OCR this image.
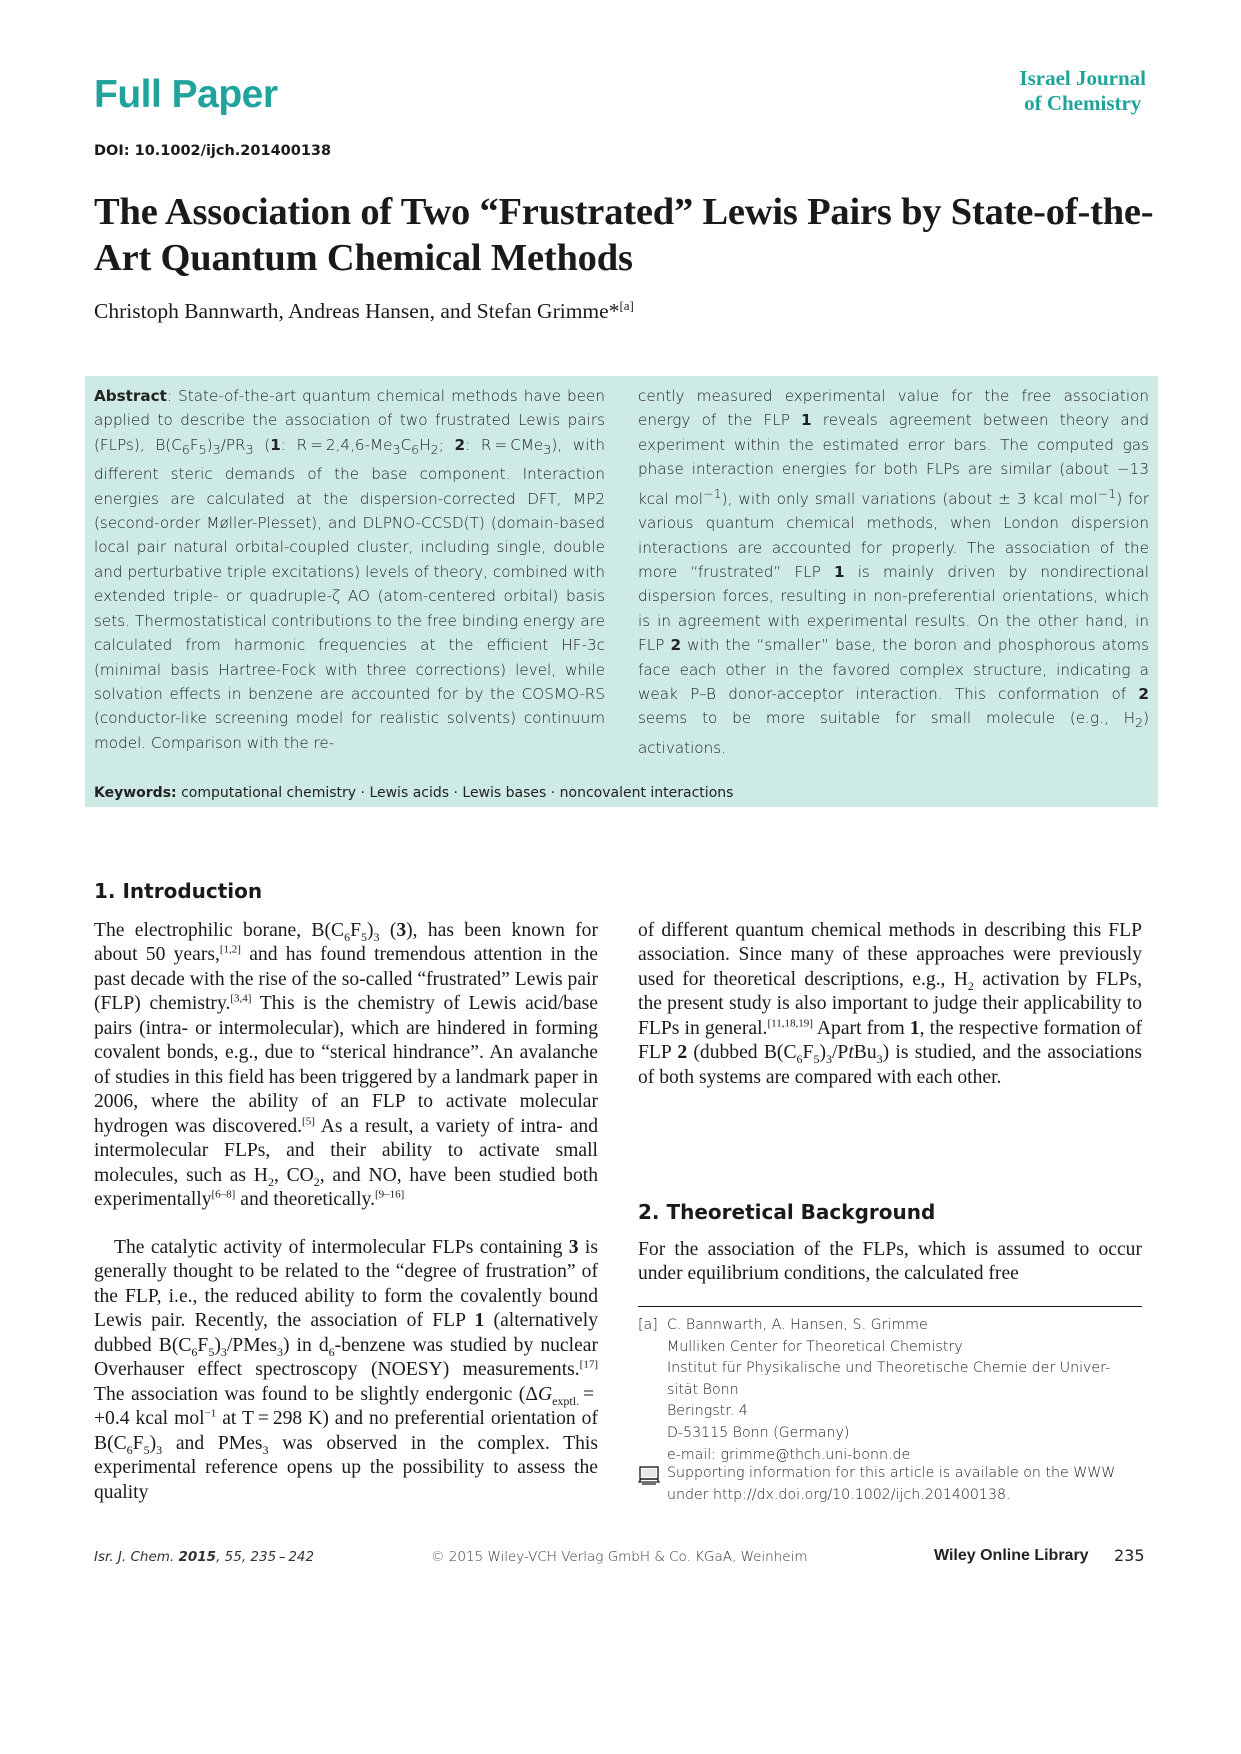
Full Paper	Israel Journal
of Chemistry
DOI: 10.1002/ijch.201400138
The Association of Two “Frustrated” Lewis Pairs by State-of-the-Art Quantum Chemical Methods
Christoph Bannwarth, Andreas Hansen, and Stefan Grimme*[a]

Abstract: State-of-the-art quantum chemical methods have been applied to describe the association of two frustrated Lewis pairs (FLPs), $B(C_6F_5)_3/PR_3$ (1: $R = 2,4,6-Me_3C_6H_2$; 2: R = CMe$_3$), with different steric demands of the base component. Interaction energies are calculated at the dispersion-corrected DFT, MP2 (second-order Møller-Plesset), and DLPNO-CCSD(T) (domain-based local pair natural orbital-coupled cluster, including single, double and perturbative triple excitations) levels of theory, combined with extended triple- or quadruple-ζ AO (atom-centered orbital) basis sets. Thermostatistical contributions to the free binding energy are calculated from harmonic frequencies at the efficient HF-3c (minimal basis Hartree-Fock with three corrections) level, while solvation effects in benzene are accounted for by the COSMO-RS (conductor-like screening model for realistic solvents) continuum model. Comparison with the re-

cently measured experimental value for the free association energy of the FLP 1 reveals agreement between theory and experiment within the estimated error bars. The computed gas phase interaction energies for both FLPs are similar (about −13 kcal mol$^{-1}$), with only small variations (about ± 3 kcal mol$^{-1}$) for various quantum chemical methods, when London dispersion interactions are accounted for properly. The association of the more “frustrated” FLP 1 is mainly driven by nondirectional dispersion forces, resulting in non-preferential orientations, which is in agreement with experimental results. On the other hand, in FLP 2 with the “smaller” base, the boron and phosphorous atoms face each other in the favored complex structure, indicating a weak P–B donor-acceptor interaction. This conformation of 2 seems to be more suitable for small molecule (e.g., $H_2$) activations.

Keywords: computational chemistry · Lewis acids · Lewis bases · noncovalent interactions
1. Introduction

The electrophilic borane, $B(C_6F_5)_3$ (3), has been known for about 50 years,[1,2] and has found tremendous attention in the past decade with the rise of the so-called “frustrated” Lewis pair (FLP) chemistry.[3,4] This is the chemistry of Lewis acid/base pairs (intra- or intermolecular), which are hindered in forming covalent bonds, e.g., due to “sterical hindrance”. An avalanche of studies in this field has been triggered by a landmark paper in 2006, where the ability of an FLP to activate molecular hydrogen was discovered.[5] As a result, a variety of intra- and intermolecular FLPs, and their ability to activate small molecules, such as $H_2$, $CO_2$, and NO, have been studied both experimentally[6–8] and theoretically.[9–16]

The catalytic activity of intermolecular FLPs containing 3 is generally thought to be related to the “degree of frustration” of the FLP, i.e., the reduced ability to form the covalently bound Lewis pair. Recently, the association of FLP 1 (alternatively dubbed $B(C_6F_5)_3/PMes_3$) in $d_6$-benzene was studied by nuclear Overhauser effect spectroscopy (NOESY) measurements.[17] The association was found to be slightly endergonic ($\Delta G_{exptl.} = +0.4$ kcal mol$^{-1}$ at T = 298 K) and no preferential orientation of $B(C_6F_5)_3$ and PMes$_3$ was observed in the complex. This experimental reference opens up the possibility to assess the quality

of different quantum chemical methods in describing this FLP association. Since many of these approaches were previously used for theoretical descriptions, e.g., $H_2$ activation by FLPs, the present study is also important to judge their applicability to FLPs in general.[11,18,19] Apart from 1, the respective formation of FLP 2 (dubbed $B(C_6F_5)_3/PtBu_3$) is studied, and the associations of both systems are compared with each other.

2. Theoretical Background

For the association of the FLPs, which is assumed to occur under equilibrium conditions, the calculated free

[a] C. Bannwarth, A. Hansen, S. Grimme
Mulliken Center for Theoretical Chemistry
Institut für Physikalische und Theoretische Chemie der Univer-
sität Bonn
Beringstr. 4
D-53115 Bonn (Germany)
e-mail: grimme@thch.uni-bonn.de
Supporting information for this article is available on the WWW
under http://dx.doi.org/10.1002/ijch.201400138.
Isr. J. Chem. 2015, 55, 235 – 242	© 2015 Wiley-VCH Verlag GmbH & Co. KGaA, Weinheim	Wiley Online Library 235
